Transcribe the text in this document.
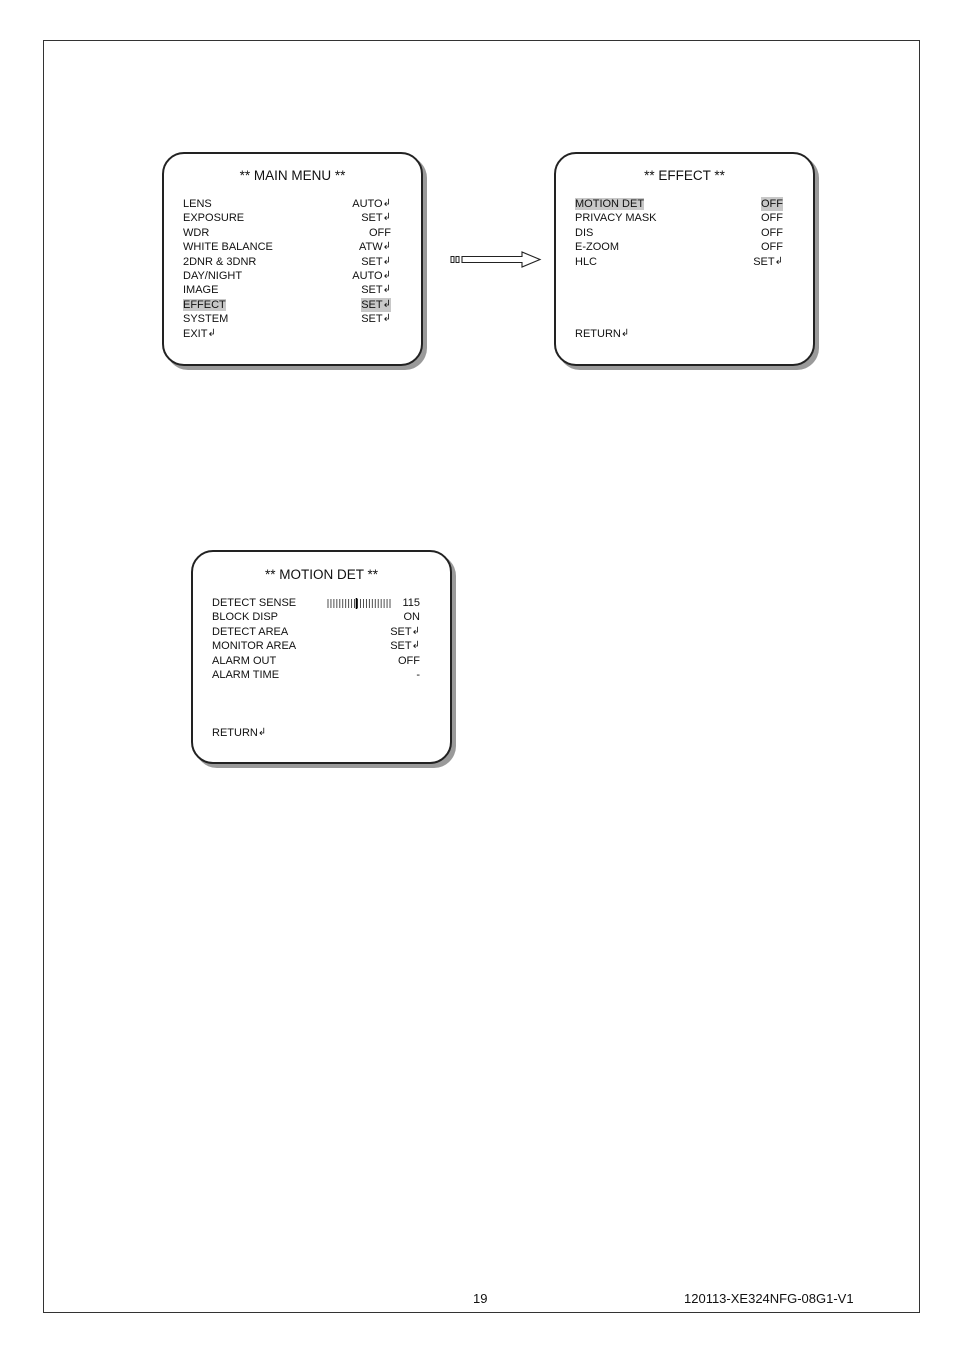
** MAIN MENU **
LENS	AUTO↲
EXPOSURE	SET↲
WDR	OFF
WHITE BALANCE	ATW↲
2DNR & 3DNR	SET↲
DAY/NIGHT	AUTO↲
IMAGE	SET↲
EFFECT	SET↲
SYSTEM	SET↲
EXIT↲
** EFFECT **
MOTION DET	OFF
PRIVACY MASK	OFF
DIS	OFF
E-ZOOM	OFF
HLC	SET↲
RETURN↲
** MOTION DET **
DETECT SENSE	115
BLOCK DISP	ON
DETECT AREA	SET↲
MONITOR AREA	SET↲
ALARM OUT	OFF
ALARM TIME	-
RETURN↲
19	120113-XE324NFG-08G1-V1
